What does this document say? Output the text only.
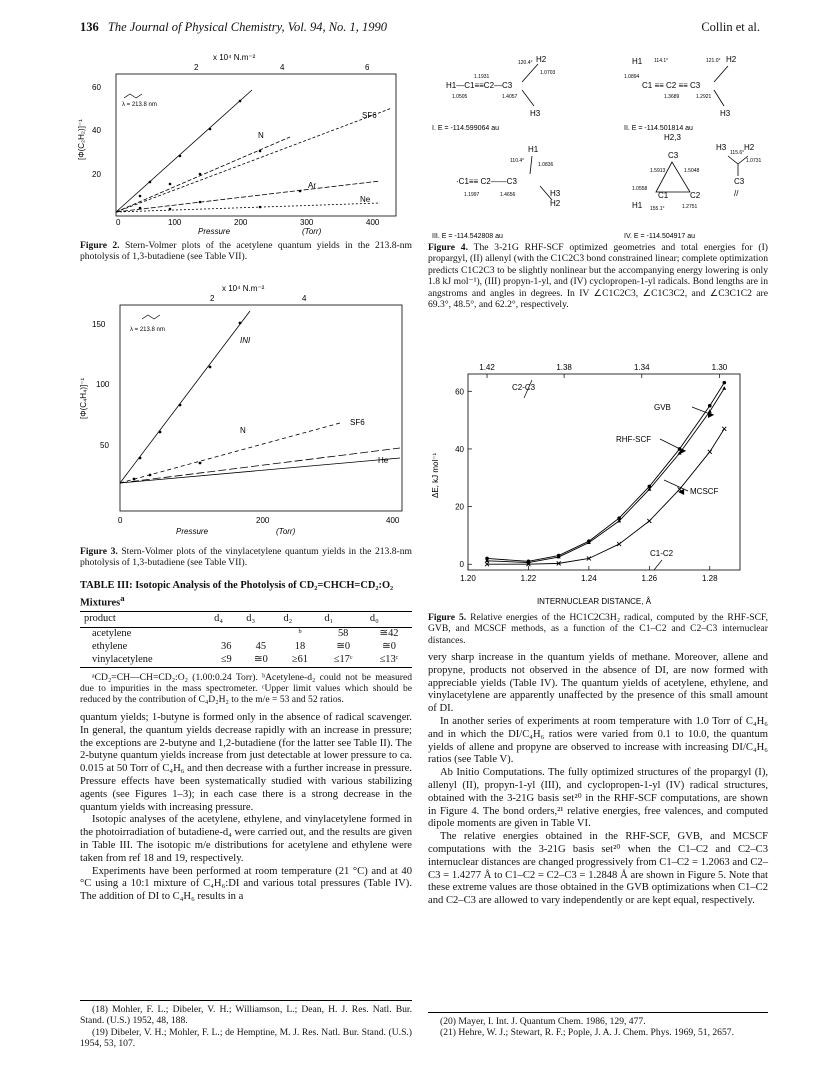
136 The Journal of Physical Chemistry, Vol. 94, No. 1, 1990	Collin et al.
x 10⁴ N.m⁻²
2	4	6
60
40
20
[Φ(C₂H₂)]⁻¹
λ = 213.8 nm
SF6
N
Ar
Ne
0	100	200	300	400
Pressure	(Torr)
Figure 2. Stern-Volmer plots of the acetylene quantum yields in the 213.8-nm photolysis of 1,3-butadiene (see Table VII).
x 10⁴ N.m⁻²
2	4
150
100
50
[Φ(C₄H₄)]⁻¹
λ = 213.8 nm
INI
N
SF6
He
0	200	400
Pressure	(Torr)
Figure 3. Stern-Volmer plots of the vinylacetylene quantum yields in the 213.8-nm photolysis of 1,3-butadiene (see Table VII).
TABLE III: Isotopic Analysis of the Photolysis of CD₂=CHCH=CD₂:O₂ Mixtures$^a$
product	d₄	d₃	d₂	d₁	d₀
acetylene			ᵇ	58	≅42
ethylene	36	45	18	≅0	≅0
vinylacetylene	≤9	≅0	≥61	≤17ᶜ	≤13ᶜ

ᵃCD₂=CH—CH=CD₂:O₂ (1.00:0.24 Torr). ᵇAcetylene-d₂ could not be measured due to impurities in the mass spectrometer. ᶜUpper limit values which should be reduced by the contribution of C₄D₂H₂ to the m/e = 53 and 52 ratios.

quantum yields; 1-butyne is formed only in the absence of radical scavenger. In general, the quantum yields decrease rapidly with an increase in pressure; the exceptions are 2-butyne and 1,2-butadiene (for the latter see Table II). The 2-butyne quantum yields increase from just detectable at lower pressure to ca. 0.015 at 50 Torr of C₄H₆ and then decrease with a further increase in pressure. Pressure effects have been systematically studied with various stabilizing agents (see Figures 1–3); in each case there is a strong decrease in the quantum yields with increasing pressure.

Isotopic analyses of the acetylene, ethylene, and vinylacetylene formed in the photoirradiation of butadiene-d₄ were carried out, and the results are given in Table III. The isotopic m/e distributions for acetylene and ethylene were taken from ref 18 and 19, respectively.

Experiments have been performed at room temperature (21 °C) and at 40 °C using a 10:1 mixture of C₄H₆:DI and various total pressures (Table IV). The addition of DI to C₄H₆ results in a

(18) Mohler, F. L.; Dibeler, V. H.; Williamson, L.; Dean, H. J. Res. Natl. Bur. Stand. (U.S.) 1952, 48, 188.

(19) Dibeler, V. H.; Mohler, F. L.; de Hemptine, M. J. Res. Natl. Bur. Stand. (U.S.) 1954, 53, 107.

H1—C1≡≡C2—C3
H2
H3
120.4°
1.0703
1.1931
1.0505	1.4057
I. E = -114.599064 au
H1
C1 ≡≡ C2 ≡≡ C3
H2
H3
114.1°	121.0°
1.0894
1.3689	1.2921
II. E = -114.501814 au
H1
·C1≡≡ C2——C3
H3
H2
110.4°
1.0836
1.1997	1.4656
H2,3
C3
C1	C2
H1
1.0558
1.5913	1.5048
155.1°	1.2751
H3 H2
C3
//
115.6°
1.0731
III. E = -114.542808 au	IV. E = -114.504917 au
Figure 4. The 3-21G RHF-SCF optimized geometries and total energies for (I) propargyl, (II) allenyl (with the C1C2C3 bond constrained linear; complete optimization predicts C1C2C3 to be slightly nonlinear but the accompanying energy lowering is only 1.8 kJ mol⁻¹), (III) propyn-1-yl, and (IV) cyclopropen-1-yl radicals. Bond lengths are in angstroms and angles in degrees. In IV ∠C1C2C3, ∠C1C3C2, and ∠C3C1C2 are 69.3°, 48.5°, and 62.2°, respectively.
ΔE, kJ mol⁻¹
INTERNUCLEAR DISTANCE, Å
C2-C3
C1-C2
1.20	1.22	1.24	1.26	1.28
1.42	1.38	1.34	1.30
0
20
40
60
GVB
▶
RHF-SCF
▶
MCSCF
◀
Figure 5. Relative energies of the HC1C2C3H₂ radical, computed by the RHF-SCF, GVB, and MCSCF methods, as a function of the C1–C2 and C2–C3 internuclear distances.

very sharp increase in the quantum yields of methane. Moreover, allene and propyne, products not observed in the absence of DI, are now formed with appreciable yields (Table IV). The quantum yields of acetylene, ethylene, and vinylacetylene are apparently unaffected by the presence of this small amount of DI.

In another series of experiments at room temperature with 1.0 Torr of C₄H₆ and in which the DI/C₄H₆ ratios were varied from 0.1 to 10.0, the quantum yields of allene and propyne are observed to increase with increasing DI/C₄H₆ ratios (see Table V).

Ab Initio Computations. The fully optimized structures of the propargyl (I), allenyl (II), propyn-1-yl (III), and cyclopropen-1-yl (IV) radical structures, obtained with the 3-21G basis set²⁰ in the RHF-SCF computations, are shown in Figure 4. The bond orders,²¹ relative energies, free valences, and computed dipole moments are given in Table VI.

The relative energies obtained in the RHF-SCF, GVB, and MCSCF computations with the 3-21G basis set²⁰ when the C1–C2 and C2–C3 internuclear distances are changed progressively from C1–C2 = 1.2063 and C2–C3 = 1.4277 Å to C1–C2 = C2–C3 = 1.2848 Å are shown in Figure 5. Note that these extreme values are those obtained in the GVB optimizations when C1–C2 and C2–C3 are allowed to vary independently or are kept equal, respectively.

(20) Mayer, I. Int. J. Quantum Chem. 1986, 129, 477.

(21) Hehre, W. J.; Stewart, R. F.; Pople, J. A. J. Chem. Phys. 1969, 51, 2657.
